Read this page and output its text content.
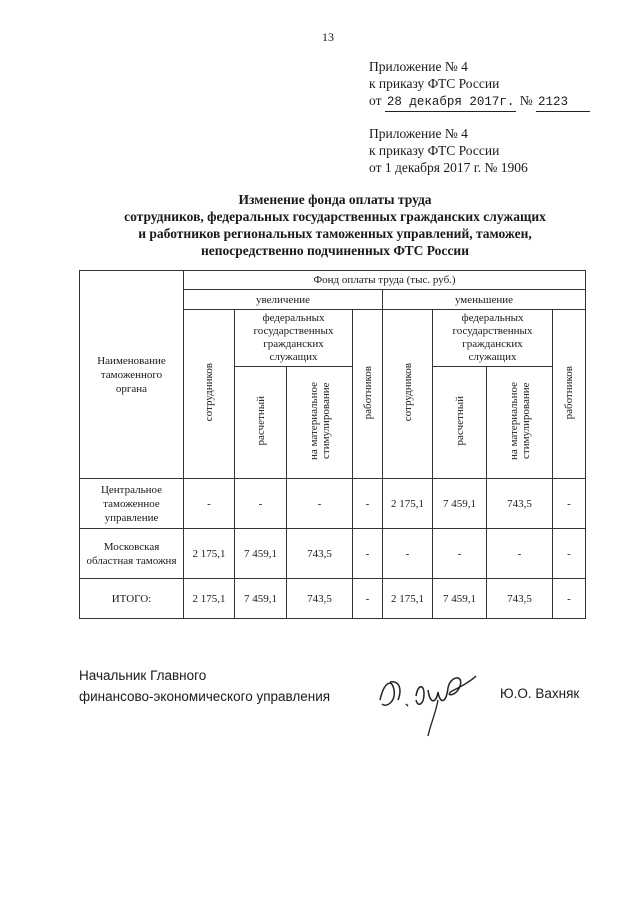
13
Приложение № 4
к приказу ФТС России
от 28 декабря 2017г. № 2123
Приложение № 4
к приказу ФТС России
от 1 декабря 2017 г. № 1906
Изменение фонда оплаты труда
сотрудников, федеральных государственных гражданских служащих
и работников региональных таможенных управлений, таможен,
непосредственно подчиненных ФТС России
Наименование таможенного органа	Фонд оплаты труда (тыс. руб.)							
	увеличение				уменьшение			
	сотрудников	федеральных государственных гражданских служащих		работников	сотрудников	федеральных государственных гражданских служащих		работников
		расчетный	на материальное стимулирование			расчетный	на материальное стимулирование	
Центральное таможенное управление	-	-	-	-	2 175,1	7 459,1	743,5	-
Московская областная таможня	2 175,1	7 459,1	743,5	-	-	-	-	-
ИТОГО:	2 175,1	7 459,1	743,5	-	2 175,1	7 459,1	743,5	-
Начальник Главного
финансово-экономического управления	Ю.О. Вахняк
